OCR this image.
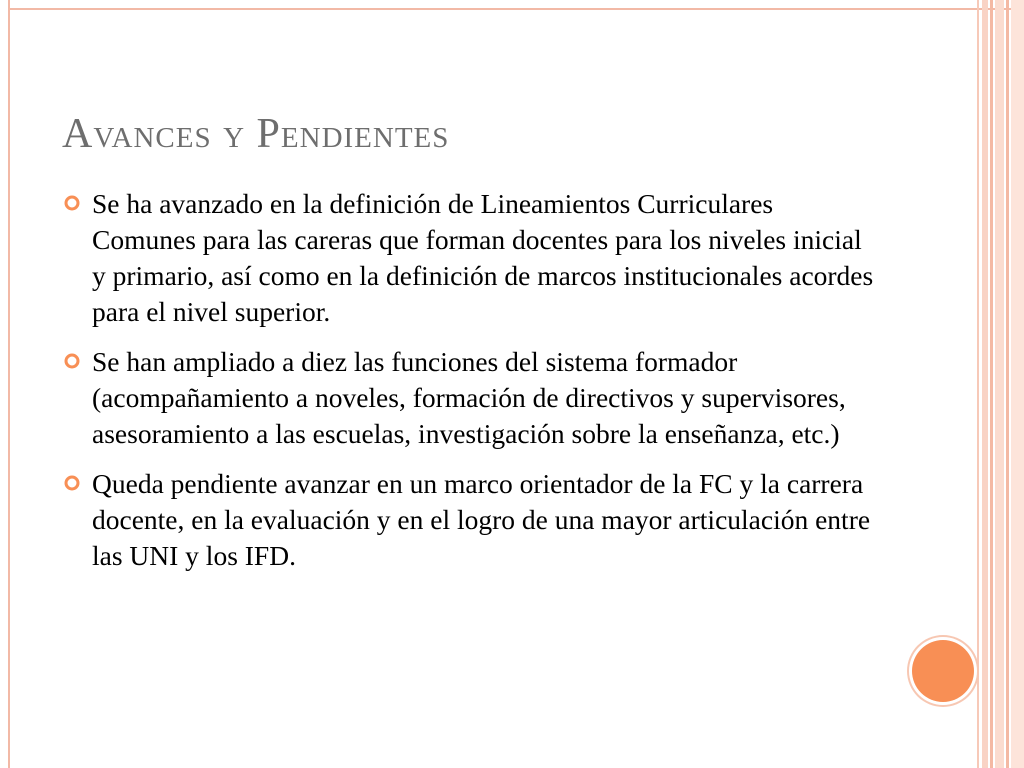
Avances y Pendientes
Se ha avanzado en la definición de Lineamientos Curriculares Comunes para las careras que forman docentes para los niveles inicial y primario, así como en la definición de marcos institucionales acordes para el nivel superior.
Se han ampliado a diez las funciones del sistema formador (acompañamiento a noveles, formación de directivos y supervisores, asesoramiento a las escuelas, investigación sobre la enseñanza, etc.)
Queda pendiente avanzar en un marco orientador de la FC y la carrera docente, en la evaluación y en el logro de una mayor articulación entre las UNI y los IFD.
